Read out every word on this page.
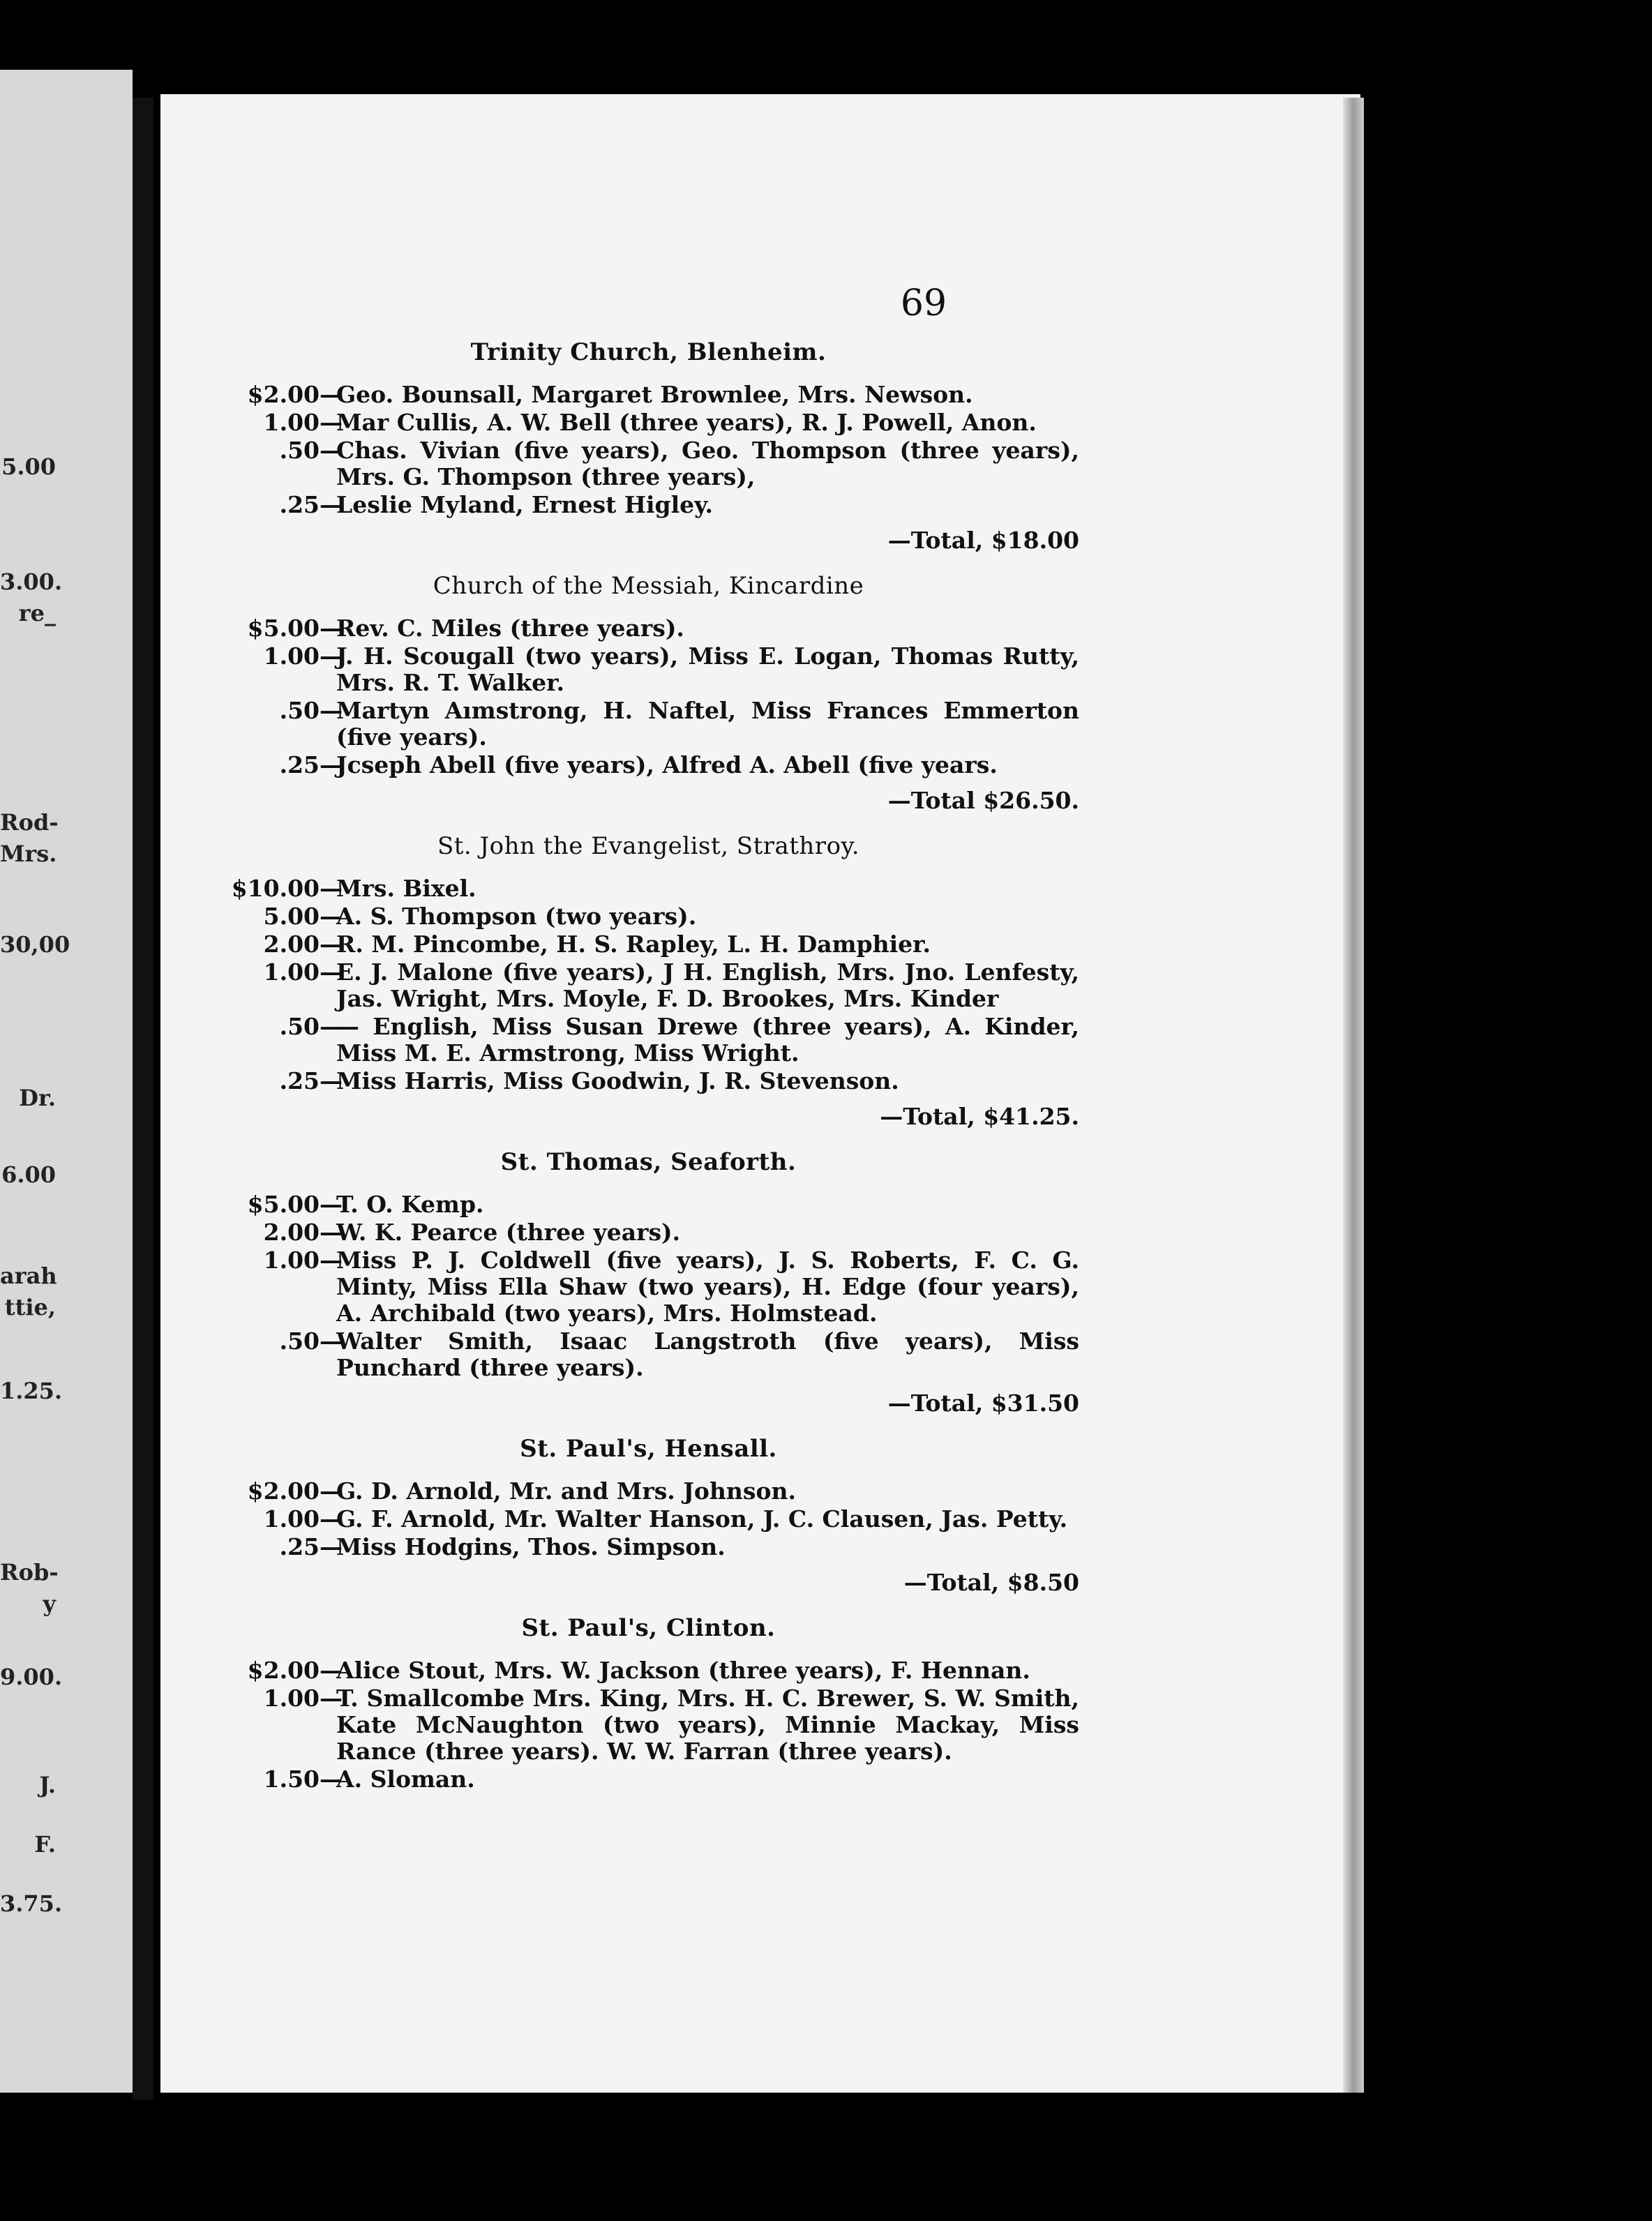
5.00
3.00.
re_
Rod-
Mrs.
30,00
Dr.
6.00
arah
ttie,
1.25.
Rob-
y
9.00.
J.
F.
3.75.
69
Trinity Church, Blenheim.
$2.00 —
Geo. Bounsall, Margaret Brownlee, Mrs. Newson.
1.00 —
Mar Cullis, A. W. Bell (three years), R. J. Powell, Anon.
.50 —
Chas. Vivian (five years), Geo. Thompson (three years), Mrs. G. Thompson (three years),
.25 —
Leslie Myland, Ernest Higley.
—Total, $18.00
Church of the Messiah, Kincardine
$5.00 —
Rev. C. Miles (three years).
1.00 —
J. H. Scougall (two years), Miss E. Logan, Thomas Rutty, Mrs. R. T. Walker.
.50 —
Martyn Aımstrong, H. Naftel, Miss Frances Emmerton (five years).
.25 —
Jcseph Abell (five years), Alfred A. Abell (five years.
—Total $26.50.
St. John the Evangelist, Strathroy.
$10.00 —
Mrs. Bixel.
5.00 —
A. S. Thompson (two years).
2.00 —
R. M. Pincombe, H. S. Rapley, L. H. Damphier.
1.00 —
E. J. Malone (five years), J H. English, Mrs. Jno. Lenfesty, Jas. Wright, Mrs. Moyle, F. D. Brookes, Mrs. Kinder
.50 —
— English, Miss Susan Drewe (three years), A. Kinder, Miss M. E. Armstrong, Miss Wright.
.25 —
Miss Harris, Miss Goodwin, J. R. Stevenson.
—Total, $41.25.
St. Thomas, Seaforth.
$5.00 —
T. O. Kemp.
2.00 —
W. K. Pearce (three years).
1.00 —
Miss P. J. Coldwell (five years), J. S. Roberts, F. C. G. Minty, Miss Ella Shaw (two years), H. Edge (four years), A. Archibald (two years), Mrs. Holmstead.
.50 —
Walter Smith, Isaac Langstroth (five years), Miss Punchard (three years).
—Total, $31.50
St. Paul's, Hensall.
$2.00 —
G. D. Arnold, Mr. and Mrs. Johnson.
1.00 —
G. F. Arnold, Mr. Walter Hanson, J. C. Clausen, Jas. Petty.
.25 —
Miss Hodgins, Thos. Simpson.
—Total, $8.50
St. Paul's, Clinton.
$2.00 —
Alice Stout, Mrs. W. Jackson (three years), F. Hennan.
1.00 —
T. Smallcombe Mrs. King, Mrs. H. C. Brewer, S. W. Smith, Kate McNaughton (two years), Minnie Mackay, Miss Rance (three years). W. W. Farran (three years).
1.50 —
A. Sloman.
